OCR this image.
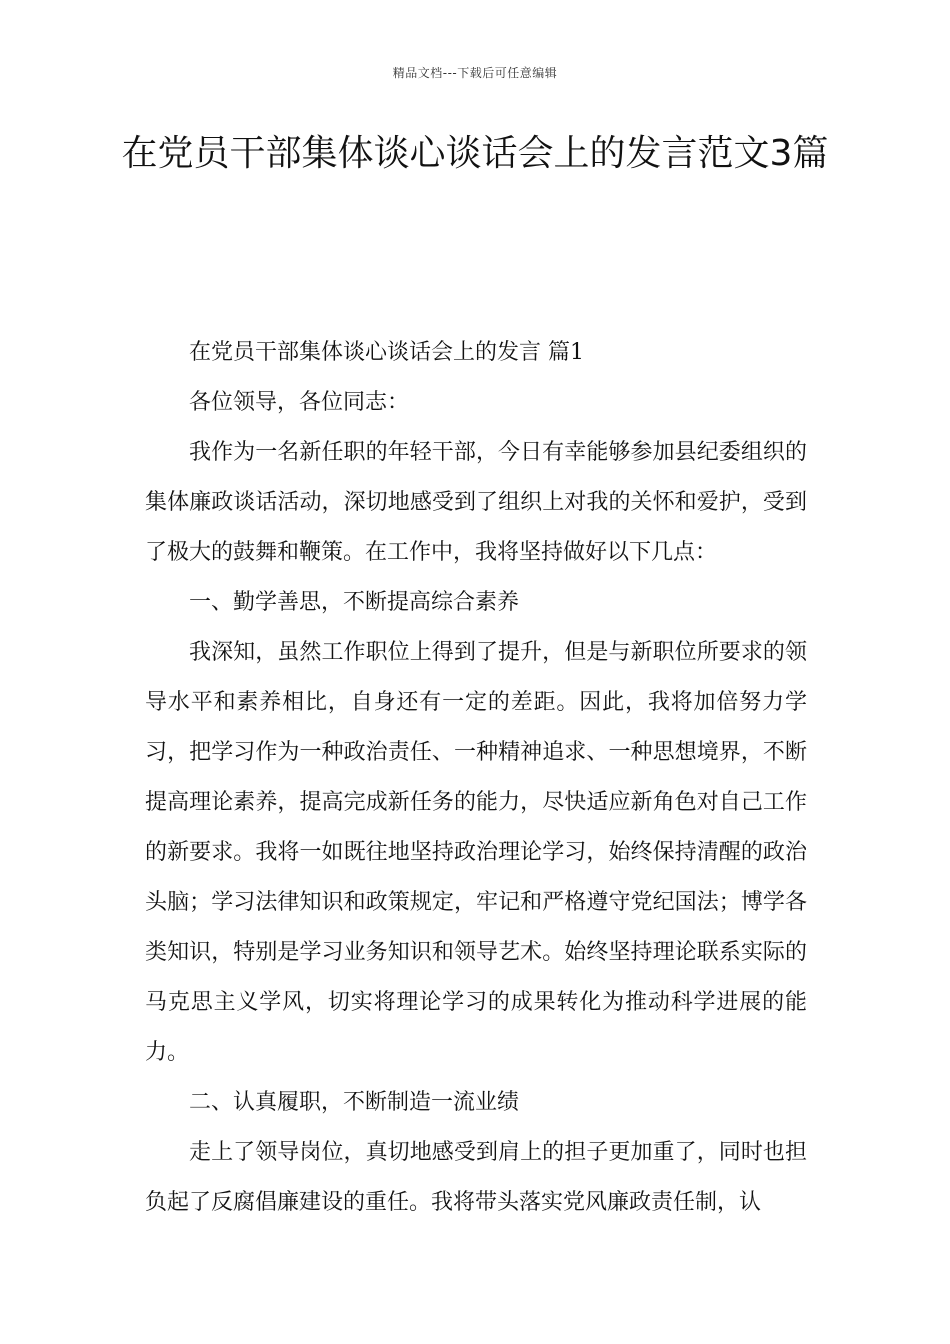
精品文档---下载后可任意编辑
在党员干部集体谈心谈话会上的发言范文3篇

在党员干部集体谈心谈话会上的发言 篇1

各位领导，各位同志：

我作为一名新任职的年轻干部，今日有幸能够参加县纪委组织的集体廉政谈话活动，深切地感受到了组织上对我的关怀和爱护，受到了极大的鼓舞和鞭策。在工作中，我将坚持做好以下几点：

一、勤学善思，不断提高综合素养

我深知，虽然工作职位上得到了提升，但是与新职位所要求的领导水平和素养相比，自身还有一定的差距。因此，我将加倍努力学习，把学习作为一种政治责任、一种精神追求、一种思想境界，不断提高理论素养，提高完成新任务的能力，尽快适应新角色对自己工作的新要求。我将一如既往地坚持政治理论学习，始终保持清醒的政治头脑；学习法律知识和政策规定，牢记和严格遵守党纪国法；博学各类知识，特别是学习业务知识和领导艺术。始终坚持理论联系实际的马克思主义学风，切实将理论学习的成果转化为推动科学进展的能力。

二、认真履职，不断制造一流业绩

走上了领导岗位，真切地感受到肩上的担子更加重了，同时也担负起了反腐倡廉建设的重任。我将带头落实党风廉政责任制，认
